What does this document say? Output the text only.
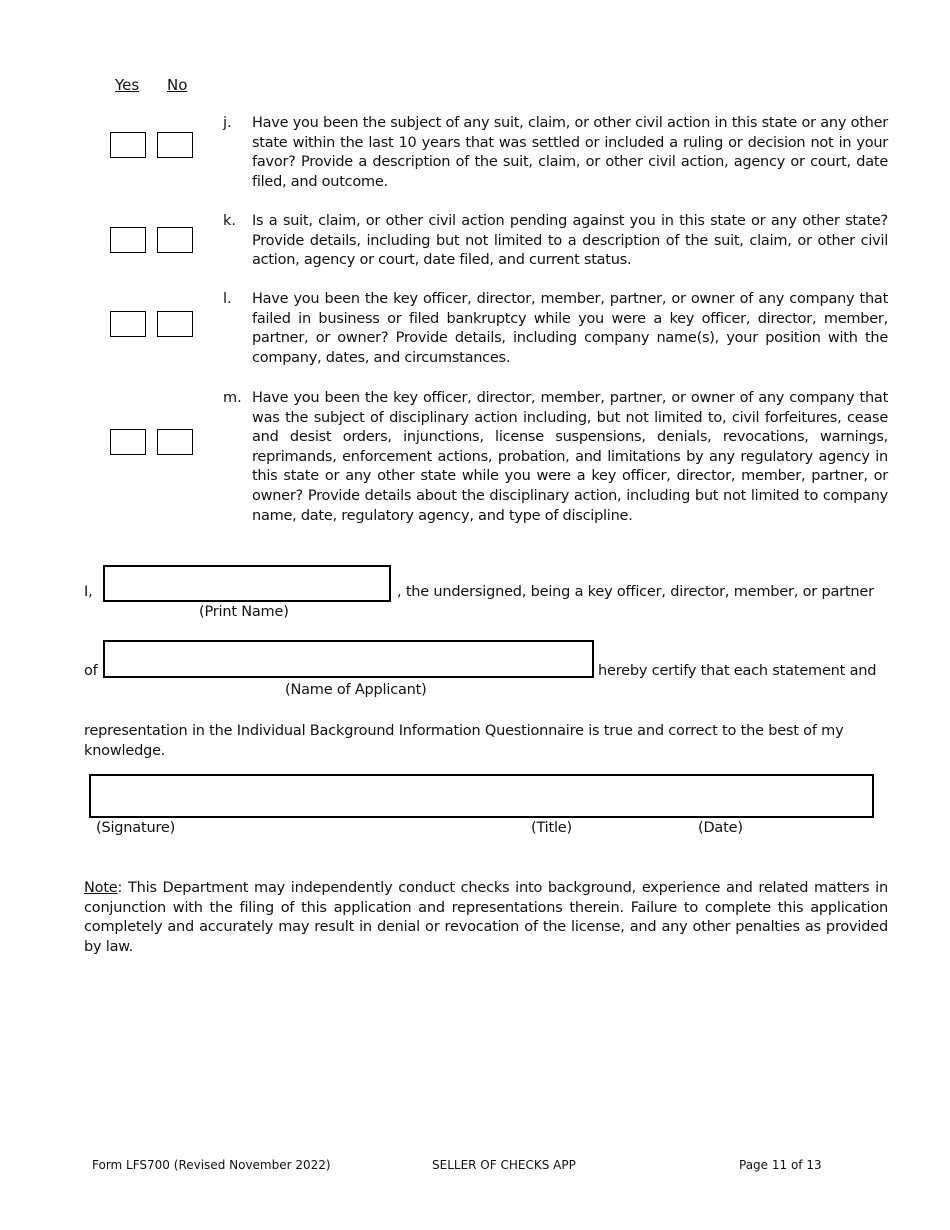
Yes No
j. Have you been the subject of any suit, claim, or other civil action in this state or any other state within the last 10 years that was settled or included a ruling or decision not in your favor? Provide a description of the suit, claim, or other civil action, agency or court, date filed, and outcome.
k. Is a suit, claim, or other civil action pending against you in this state or any other state? Provide details, including but not limited to a description of the suit, claim, or other civil action, agency or court, date filed, and current status.
l. Have you been the key officer, director, member, partner, or owner of any company that failed in business or filed bankruptcy while you were a key officer, director, member, partner, or owner? Provide details, including company name(s), your position with the company, dates, and circumstances.
m. Have you been the key officer, director, member, partner, or owner of any company that was the subject of disciplinary action including, but not limited to, civil forfeitures, cease and desist orders, injunctions, license suspensions, denials, revocations, warnings, reprimands, enforcement actions, probation, and limitations by any regulatory agency in this state or any other state while you were a key officer, director, member, partner, or owner? Provide details about the disciplinary action, including but not limited to company name, date, regulatory agency, and type of discipline.
I,	, the undersigned, being a key officer, director, member, or partner
(Print Name)
of	hereby certify that each statement and
(Name of Applicant)
representation in the Individual Background Information Questionnaire is true and correct to the best of my knowledge.
(Signature)	(Title)	(Date)
Note: This Department may independently conduct checks into background, experience and related matters in conjunction with the filing of this application and representations therein. Failure to complete this application completely and accurately may result in denial or revocation of the license, and any other penalties as provided by law.
Form LFS700 (Revised November 2022)	SELLER OF CHECKS APP	Page 11 of 13
